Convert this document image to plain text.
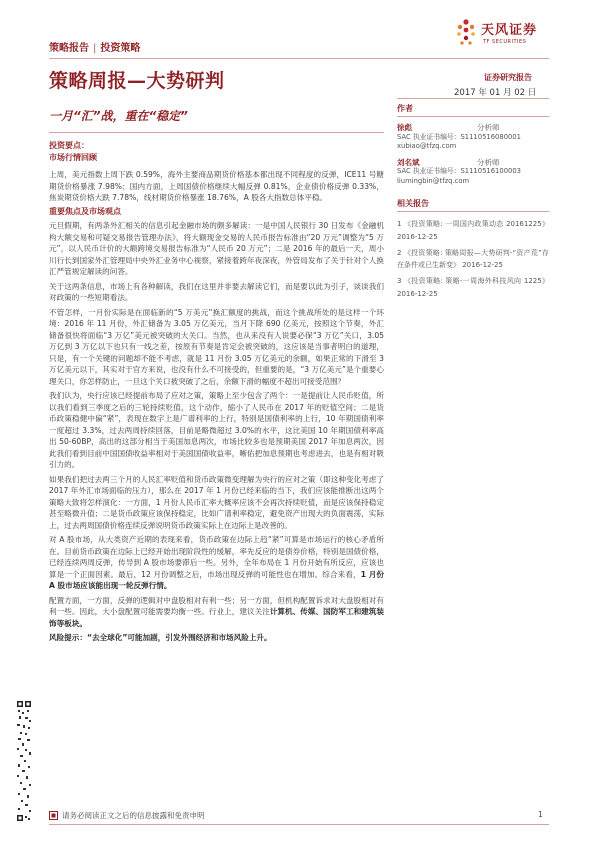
策略报告 | 投资策略
天风证券
TF SECURITIES
策略周报—大势研判
一月“汇”战，重在“稳定”
证券研究报告
2017 年 01 月 02 日
投资要点：
市场行情回顾

上周，美元指数上周下跌 0.59%，海外主要商品期货价格基本都出现不同程度的反弹，ICE11 号糖期货价格暴涨 7.98%；国内方面，上周国债价格继续大幅反弹 0.81%，企业债价格反弹 0.33%，焦炭期货价格大跌 7.78%，线材期货价格暴涨 18.76%，A 股各大指数总体平稳。

重要焦点及市场观点

元旦假期，有两条外汇相关的信息引起金融市场的颇多解读：一是中国人民银行 30 日发布《金融机构大额交易和可疑交易报告管理办法》，将大额现金交易的人民币报告标准由“20 万元”调整为“5 万元”，以人民币计价的大额跨境交易报告标准为“人民币 20 万元”；二是 2016 年的最后一天，周小川行长到国家外汇管理局中央外汇业务中心视察，紧接着跨年夜深夜，外管局发布了关于针对个人换汇严管规定解读的问答。

关于这两条信息，市场上有各种解读，我们在这里并非要去解读它们，而是要以此为引子，谈谈我们对政策的一些短期看法。

不管怎样，一月份实际是在面临新的“5 万美元”换汇额度的挑战，而这个挑战所处的是这样一个环境：2016 年 11 月份，外汇储备为 3.05 万亿美元，当月下降 690 亿美元，按照这个节奏，外汇储备很快将面临“3 万亿”美元被突破的大关口。当然，也从来没有人说要必保“3 万亿”关口，3.05 万亿到 3 万亿以下也只有一线之差，按原有节奏是肯定会被突破的，这应该是当事者明白的道理，只是，有一个关键的问题却不能不考虑，就是 11 月份 3.05 万亿美元的余额，如果正常的下滑至 3 万亿美元以下，其实对于官方来说，也没有什么不可接受的，但重要的是，“3 万亿美元”是个重要心理关口，你怎样防止，一旦这个关口被突破了之后，余额下滑的幅度不超出可接受范围？

我们认为，央行应该已经提前布局了应对之策，策略上至少包含了两个：一是提前让人民币贬值，所以我们看到三季度之后的三轮持续贬值，这个动作，缩小了人民币在 2017 年的贬值空间；二是货币政策稳健中偏“紧”，表现在数字上是广谱利率的上行，特别是国债利率的上行，10 年期国债利率一度超过 3.3%，过去两周持续回落，目前是略微超过 3.0%的水平，这比美国 10 年期国债利率高出 50-60BP，高出的这部分相当于美国加息两次，市场比较多也是预期美国 2017 年加息两次，因此我们看到目前中国国债收益率相对于美国国债收益率，晰佑把加息预期也考虑进去，也是有相对吸引力的。

如果我们把过去两三个月的人民汇率贬值和货币政策微变理解为央行的应对之策（即这种变化考虑了 2017 年外汇市场面临的压力），那么在 2017 年 1 月份已经来临的当下，我们应该能推断出这两个策略大致将怎样演化：一方面，1 月份人民币汇率大概率应该不会再次持续贬值，而是应该保持稳定甚至略微升值；二是货币政策应该保持稳定，比如广谱利率稳定，避免资产出现大的负面震荡，实际上，过去两周国债价格连续反弹说明货币政策实际上在边际上是改善的。

对 A 股市场，从大类资产近期的表现来看，货币政策在边际上趋“紧”可算是市场运行的核心矛盾所在。目前货币政策在边际上已经开始出现阶段性的缓解，率先反应的是债券价格，特别是国债价格，已经连续两周反弹，传导到 A 股市场要滞后一些。另外，全年布局在 1 月份开始有所反应，应该也算是一个正面因素。最后，12 月份调整之后，市场出现反弹的可能性也在增加。综合来看，1 月份 A 股市场应该能出现一轮反弹行情。

配置方面，一方面，反弹的逻辑对中盘股相对有利一些；另一方面，但机构配置诉求对大盘股相对有利一些。因此，大小盘配置可能需要均衡一些。行业上，建议关注计算机、传媒、国防军工和建筑装饰等板块。

风险提示：“去全球化”可能加剧，引发外围经济和市场风险上升。

作者
徐彪	分析师
SAC 执业证书编号：S1110516080001
xubiao@tfzq.com
刘名斌	分析师
SAC 执业证书编号：S1110516100003
liumingbin@tfzq.com
相关报告
1 《投资策略: 一周国内政策动态 20161225》 2016-12-25
2 《投资策略: 策略周报—大势研判-“资产荒”存在条件或已生新变》 2016-12-25
3 《投资策略: 策略-一周海外科技风向 1225》 2016-12-25
请务必阅读正文之后的信息披露和免责申明	1
